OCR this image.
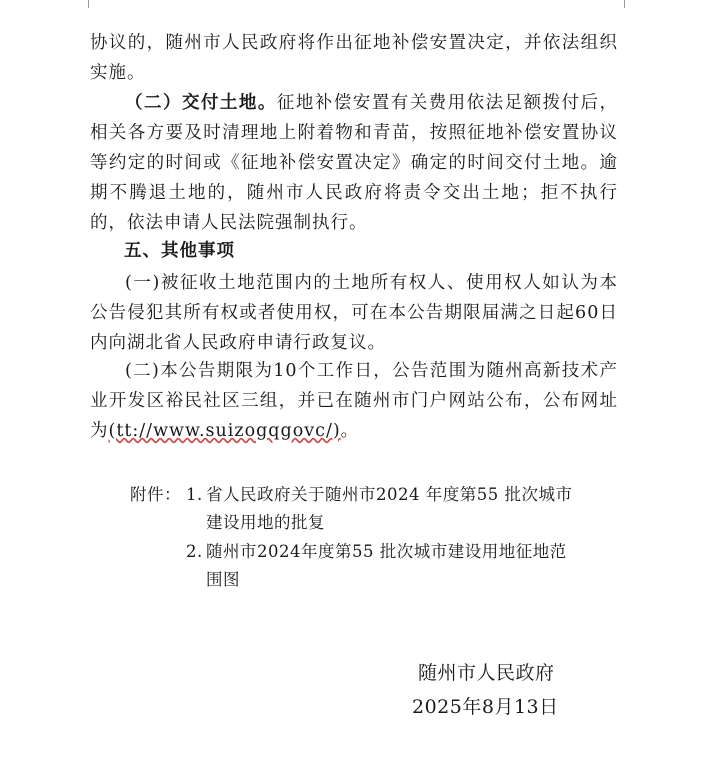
协议的，随州市人民政府将作出征地补偿安置决定，并依法组织实施。

（二）交付土地。征地补偿安置有关费用依法足额拨付后，相关各方要及时清理地上附着物和青苗，按照征地补偿安置协议等约定的时间或《征地补偿安置决定》确定的时间交付土地。逾期不腾退土地的，随州市人民政府将责令交出土地；拒不执行的，依法申请人民法院强制执行。

五、其他事项

(一)被征收土地范围内的土地所有权人、使用权人如认为本公告侵犯其所有权或者使用权，可在本公告期限届满之日起60日内向湖北省人民政府申请行政复议。

(二)本公告期限为10个工作日，公告范围为随州高新技术产业开发区裕民社区三组，并已在随州市门户网站公布，公布网址为(tt://www.suizogqgovc/)。

附件： 1. 省人民政府关于随州市2024 年度第55 批次城市

建设用地的批复

2. 随州市2024年度第55 批次城市建设用地征地范

围图

随州市人民政府

2025年8月13日
